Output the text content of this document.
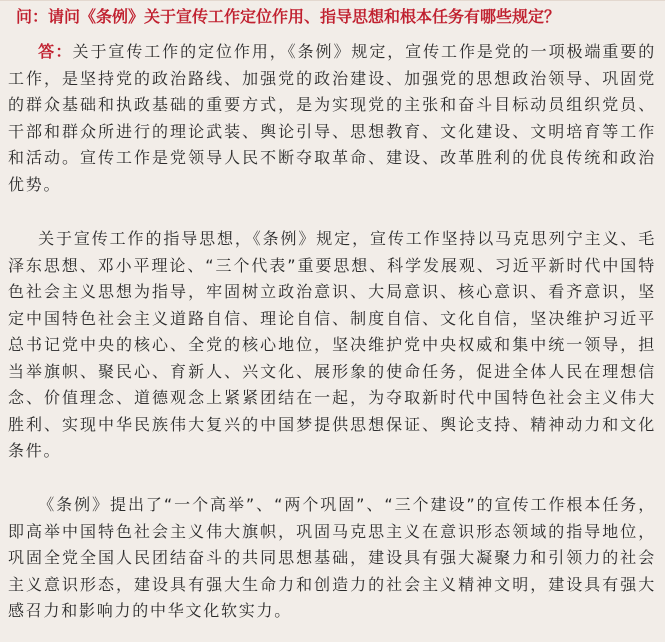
问：请问《条例》关于宣传工作定位作用、指导思想和根本任务有哪些规定？
答：关于宣传工作的定位作用，《条例》规定，宣传工作是党的一项极端重要的工作，是坚持党的政治路线、加强党的政治建设、加强党的思想政治领导、巩固党的群众基础和执政基础的重要方式，是为实现党的主张和奋斗目标动员组织党员、干部和群众所进行的理论武装、舆论引导、思想教育、文化建设、文明培育等工作和活动。宣传工作是党领导人民不断夺取革命、建设、改革胜利的优良传统和政治优势。
关于宣传工作的指导思想，《条例》规定，宣传工作坚持以马克思列宁主义、毛泽东思想、邓小平理论、“三个代表”重要思想、科学发展观、习近平新时代中国特色社会主义思想为指导，牢固树立政治意识、大局意识、核心意识、看齐意识，坚定中国特色社会主义道路自信、理论自信、制度自信、文化自信，坚决维护习近平总书记党中央的核心、全党的核心地位，坚决维护党中央权威和集中统一领导，担当举旗帜、聚民心、育新人、兴文化、展形象的使命任务，促进全体人民在理想信念、价值理念、道德观念上紧紧团结在一起，为夺取新时代中国特色社会主义伟大胜利、实现中华民族伟大复兴的中国梦提供思想保证、舆论支持、精神动力和文化条件。
《条例》提出了“一个高举”、“两个巩固”、“三个建设”的宣传工作根本任务，即高举中国特色社会主义伟大旗帜，巩固马克思主义在意识形态领域的指导地位，巩固全党全国人民团结奋斗的共同思想基础，建设具有强大凝聚力和引领力的社会主义意识形态，建设具有强大生命力和创造力的社会主义精神文明，建设具有强大感召力和影响力的中华文化软实力。
